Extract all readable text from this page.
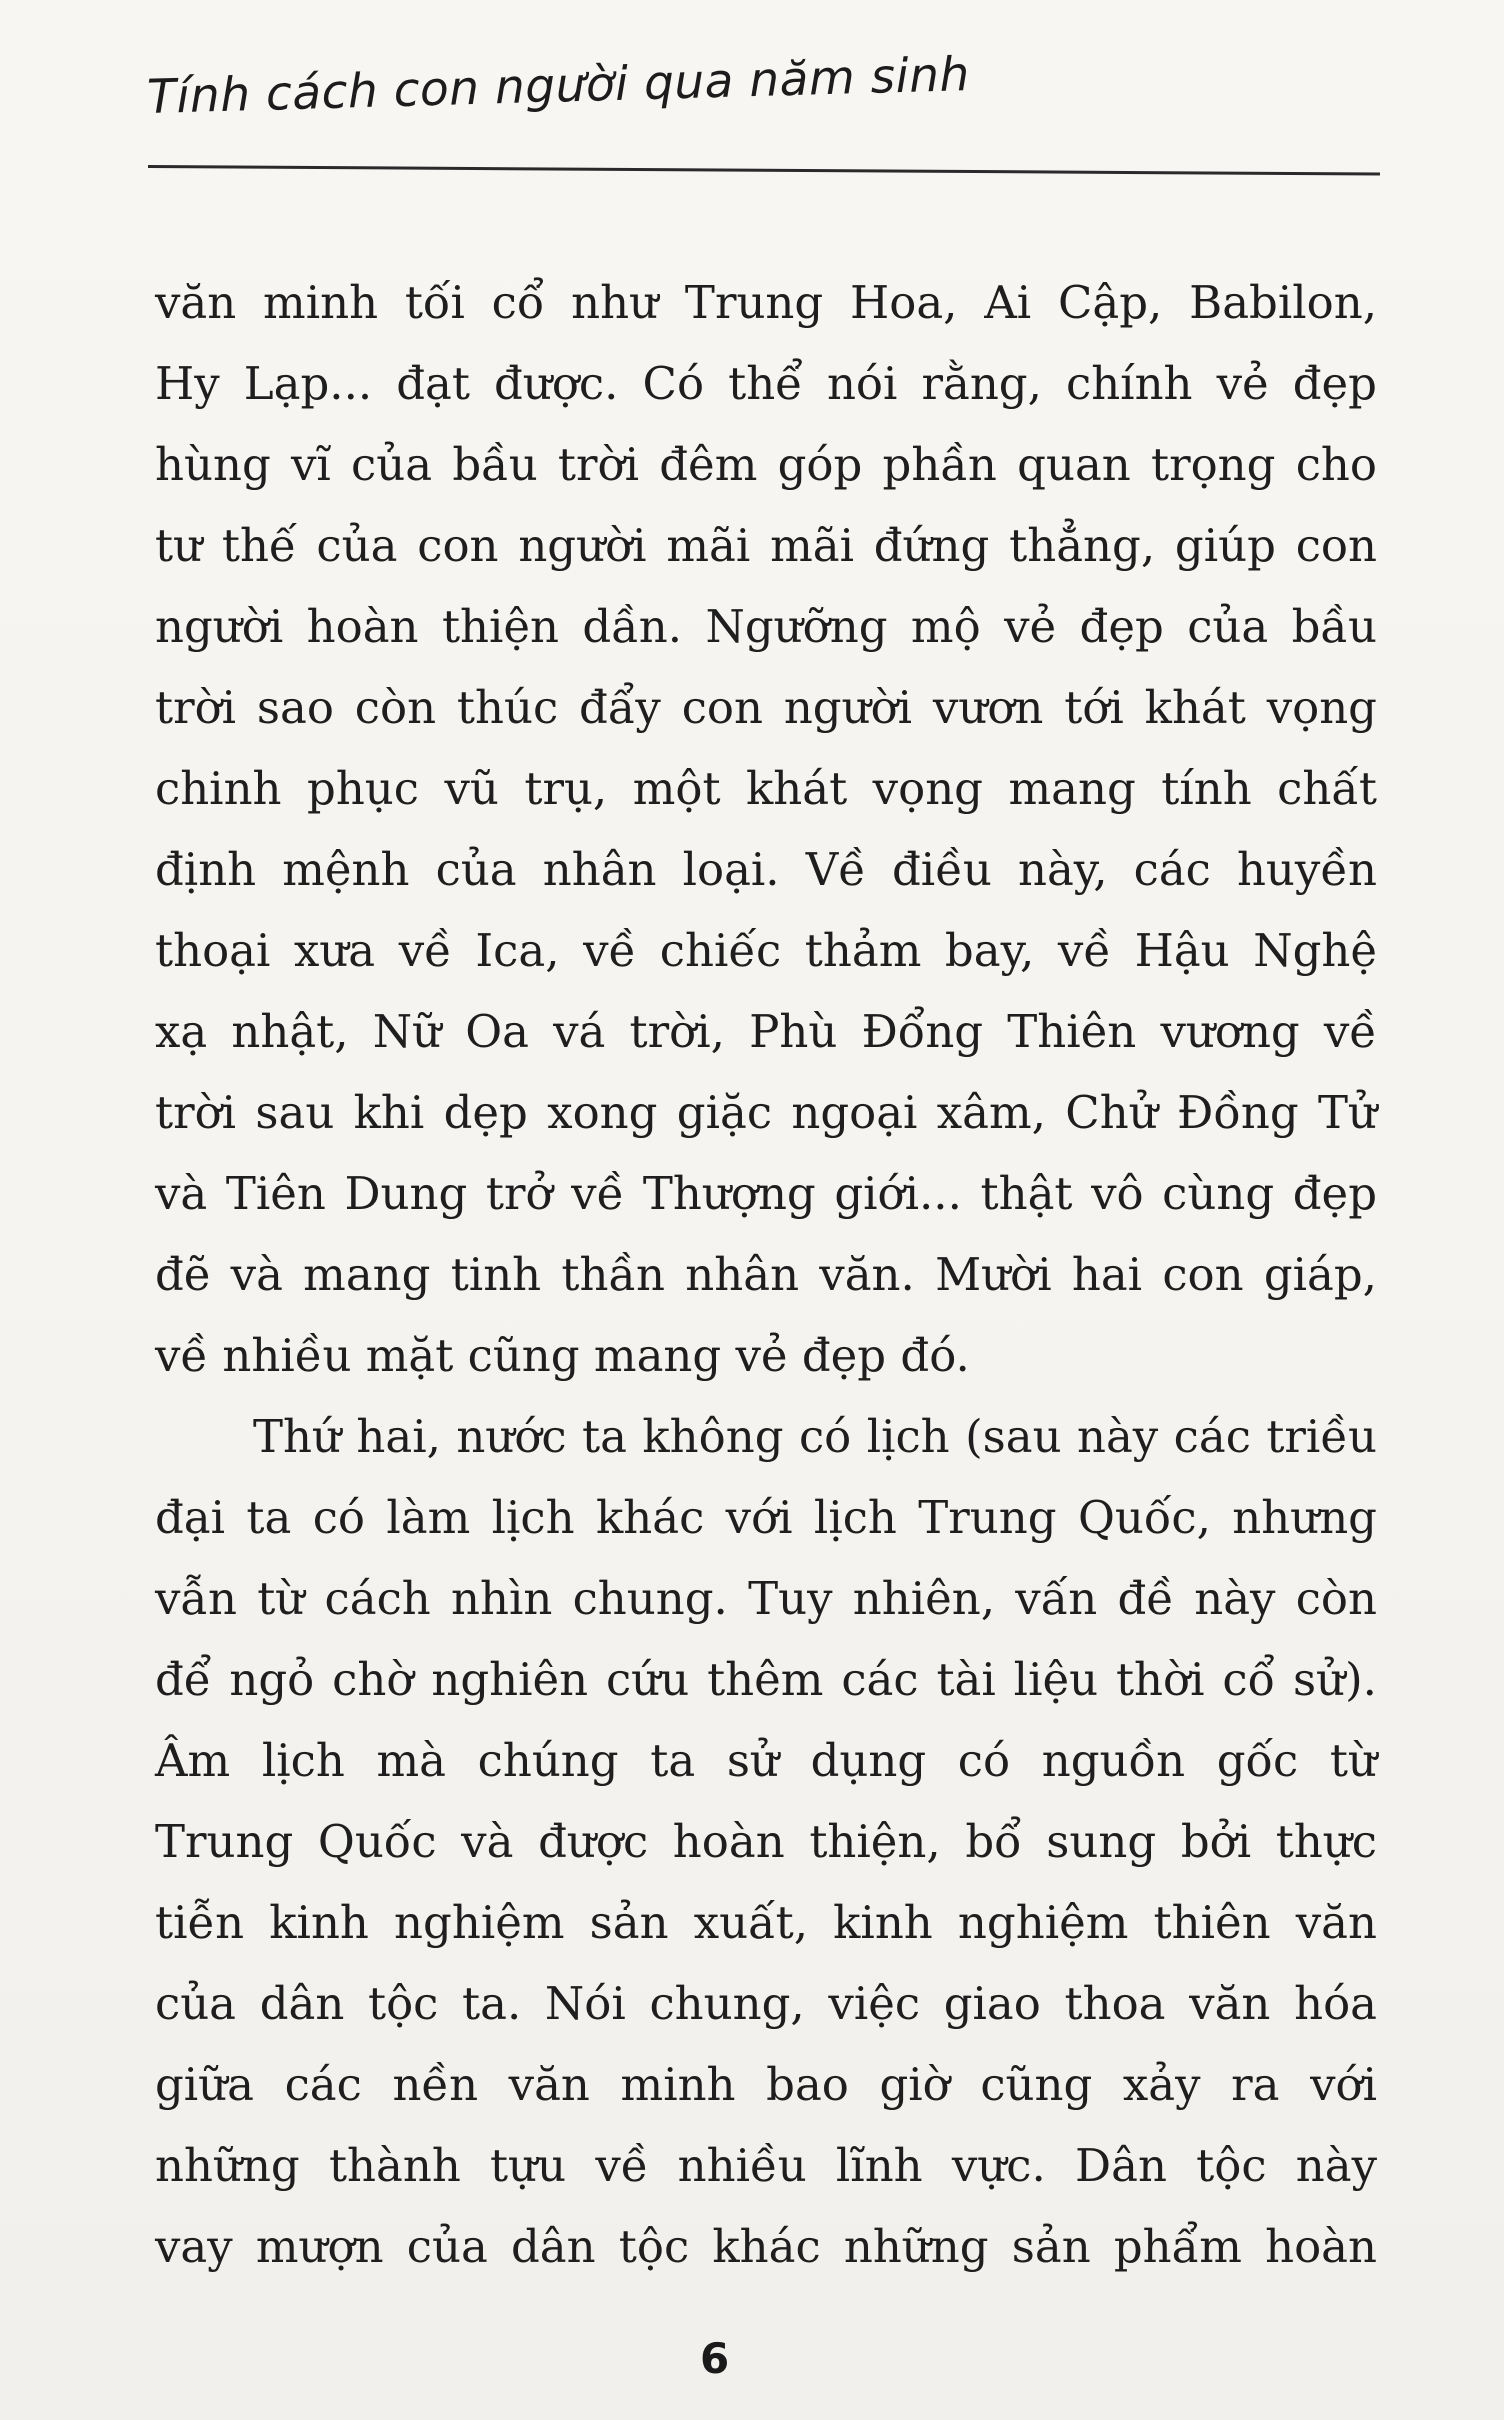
Tính cách con người qua năm sinh
văn minh tối cổ như Trung Hoa, Ai Cập, Babilon,
Hy Lạp... đạt được. Có thể nói rằng, chính vẻ đẹp
hùng vĩ của bầu trời đêm góp phần quan trọng cho
tư thế của con người mãi mãi đứng thẳng, giúp con
người hoàn thiện dần. Ngưỡng mộ vẻ đẹp của bầu
trời sao còn thúc đẩy con người vươn tới khát vọng
chinh phục vũ trụ, một khát vọng mang tính chất
định mệnh của nhân loại. Về điều này, các huyền
thoại xưa về Ica, về chiếc thảm bay, về Hậu Nghệ
xạ nhật, Nữ Oa vá trời, Phù Đổng Thiên vương về
trời sau khi dẹp xong giặc ngoại xâm, Chử Đồng Tử
và Tiên Dung trở về Thượng giới... thật vô cùng đẹp
đẽ và mang tinh thần nhân văn. Mười hai con giáp,
về nhiều mặt cũng mang vẻ đẹp đó.
Thứ hai, nước ta không có lịch (sau này các triều
đại ta có làm lịch khác với lịch Trung Quốc, nhưng
vẫn từ cách nhìn chung. Tuy nhiên, vấn đề này còn
để ngỏ chờ nghiên cứu thêm các tài liệu thời cổ sử).
Âm lịch mà chúng ta sử dụng có nguồn gốc từ
Trung Quốc và được hoàn thiện, bổ sung bởi thực
tiễn kinh nghiệm sản xuất, kinh nghiệm thiên văn
của dân tộc ta. Nói chung, việc giao thoa văn hóa
giữa các nền văn minh bao giờ cũng xảy ra với
những thành tựu về nhiều lĩnh vực. Dân tộc này
vay mượn của dân tộc khác những sản phẩm hoàn
6
